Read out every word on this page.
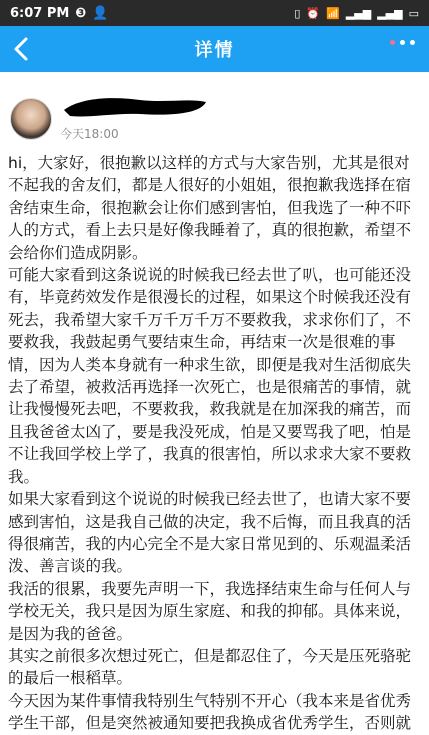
6:07 PM ❸ 👤	▯ ⏰ 📶 ▂▄▆ ▂▄▆ ▭
详情
今天18:00

hi，大家好，很抱歉以这样的方式与大家告别，尤其是很对不起我的舍友们，都是人很好的小姐姐，很抱歉我选择在宿舍结束生命，很抱歉会让你们感到害怕，但我选了一种不吓人的方式，看上去只是好像我睡着了，真的很抱歉，希望不会给你们造成阴影。

可能大家看到这条说说的时候我已经去世了叭，也可能还没有，毕竟药效发作是很漫长的过程，如果这个时候我还没有死去，我希望大家千万千万千万不要救我，求求你们了，不要救我，我鼓起勇气要结束生命，再结束一次是很难的事情，因为人类本身就有一种求生欲，即便是我对生活彻底失去了希望，被救活再选择一次死亡，也是很痛苦的事情，就让我慢慢死去吧，不要救我，救我就是在加深我的痛苦，而且我爸爸太凶了，要是我没死成，怕是又要骂我了吧，怕是不让我回学校上学了，我真的很害怕，所以求求大家不要救我。

如果大家看到这个说说的时候我已经去世了，也请大家不要感到害怕，这是我自己做的决定，我不后悔，而且我真的活得很痛苦，我的内心完全不是大家日常见到的、乐观温柔活泼、善言谈的我。

我活的很累，我要先声明一下，我选择结束生命与任何人与学校无关，我只是因为原生家庭、和我的抑郁。具体来说，是因为我的爸爸。

其实之前很多次想过死亡，但是都忍住了，今天是压死骆驼的最后一根稻草。

今天因为某件事情我特别生气特别不开心（我本来是省优秀学生干部，但是突然被通知要把我换成省优秀学生，否则就
